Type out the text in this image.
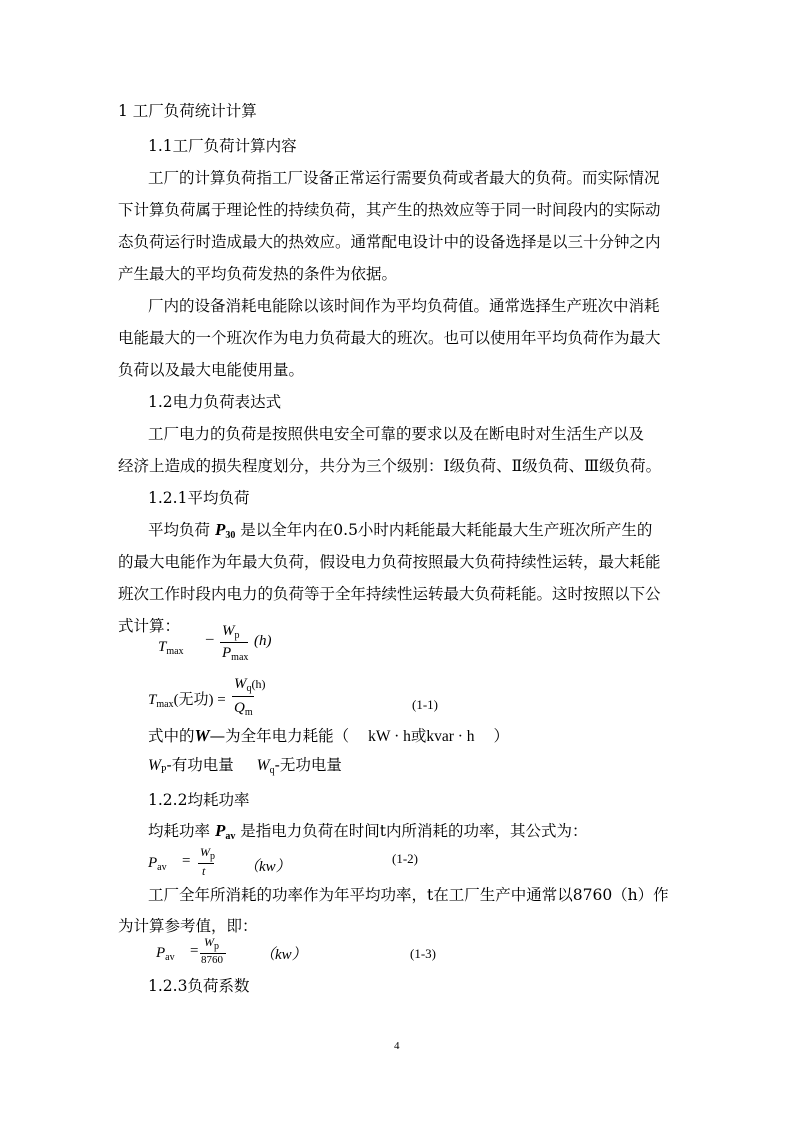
1 工厂负荷统计计算
1.1工厂负荷计算内容
工厂的计算负荷指工厂设备正常运行需要负荷或者最大的负荷。而实际情况
下计算负荷属于理论性的持续负荷，其产生的热效应等于同一时间段内的实际动
态负荷运行时造成最大的热效应。通常配电设计中的设备选择是以三十分钟之内
产生最大的平均负荷发热的条件为依据。
厂内的设备消耗电能除以该时间作为平均负荷值。通常选择生产班次中消耗
电能最大的一个班次作为电力负荷最大的班次。也可以使用年平均负荷作为最大
负荷以及最大电能使用量。
1.2电力负荷表达式
工厂电力的负荷是按照供电安全可靠的要求以及在断电时对生活生产以及
经济上造成的损失程度划分，共分为三个级别：Ⅰ级负荷、Ⅱ级负荷、Ⅲ级负荷。
1.2.1平均负荷
平均负荷 $P_{30}$ 是以全年内在0.5小时内耗能最大耗能最大生产班次所产生的
的最大电能作为年最大负荷，假设电力负荷按照最大负荷持续性运转，最大耗能
班次工作时段内电力的负荷等于全年持续性运转最大负荷耗能。这时按照以下公
式计算：
$T_{max}$
– $W_p$
$P_{max}$
(h)
$T_{max}$(无功) =
$W_q(h)$
$Q_m$
(1-1)
式中的W—为全年电力耗能（ kW · h或kvar · h ）
$W_P-$有功电量 $W_q-$无功电量
1.2.2均耗功率
均耗功率 $P_{av}$ 是指电力负荷在时间t内所消耗的功率，其公式为：
$P_{av}$ =
$W_p$
t	（kw）
(1-2)
工厂全年所消耗的功率作为年平均功率，t在工厂生产中通常以8760（h）作
为计算参考值，即：
$P_{av}$ =
$W_p$
8760 （kw）	(1-3)
1.2.3负荷系数
4
